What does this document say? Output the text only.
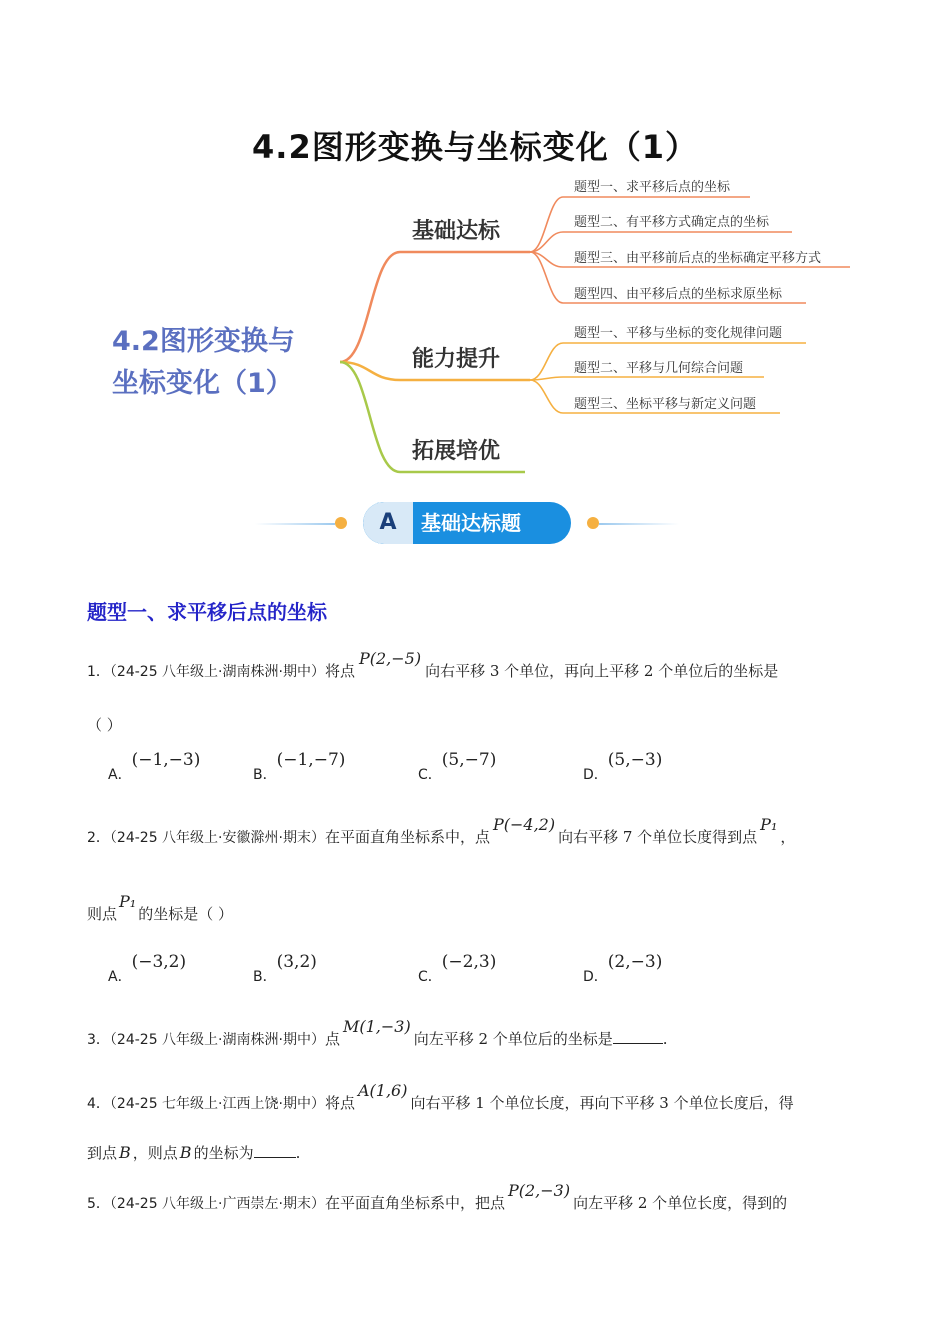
4.2图形变换与坐标变化（1）
4.2图形变换与
坐标变化（1）
基础达标
能力提升
拓展培优
题型一、求平移后点的坐标
题型二、有平移方式确定点的坐标
题型三、由平移前后点的坐标确定平移方式
题型四、由平移后点的坐标求原坐标
题型一、平移与坐标的变化规律问题
题型二、平移与几何综合问题
题型三、坐标平移与新定义问题
A	基础达标题
题型一、求平移后点的坐标
1．（24-25 八年级上·湖南株洲·期中）将点P(2,−5)向右平移 3 个单位，再向上平移 2 个单位后的坐标是
（ ）
A．(−1,−3)
B．(−1,−7)
C．(5,−7)
D．(5,−3)
2．（24-25 八年级上·安徽滁州·期末）在平面直角坐标系中，点P(−4,2)向右平移 7 个单位长度得到点P₁，
则点P₁的坐标是（ ）
A．(−3,2)
B．(3,2)
C．(−2,3)
D．(2,−3)
3．（24-25 八年级上·湖南株洲·期中）点M(1,−3)向左平移 2 个单位后的坐标是	.
4．（24-25 七年级上·江西上饶·期中）将点A(1,6)向右平移 1 个单位长度，再向下平移 3 个单位长度后，得
到点 B ，则点 B 的坐标为	.
5．（24-25 八年级上·广西崇左·期末）在平面直角坐标系中，把点P(2,−3)向左平移 2 个单位长度，得到的
